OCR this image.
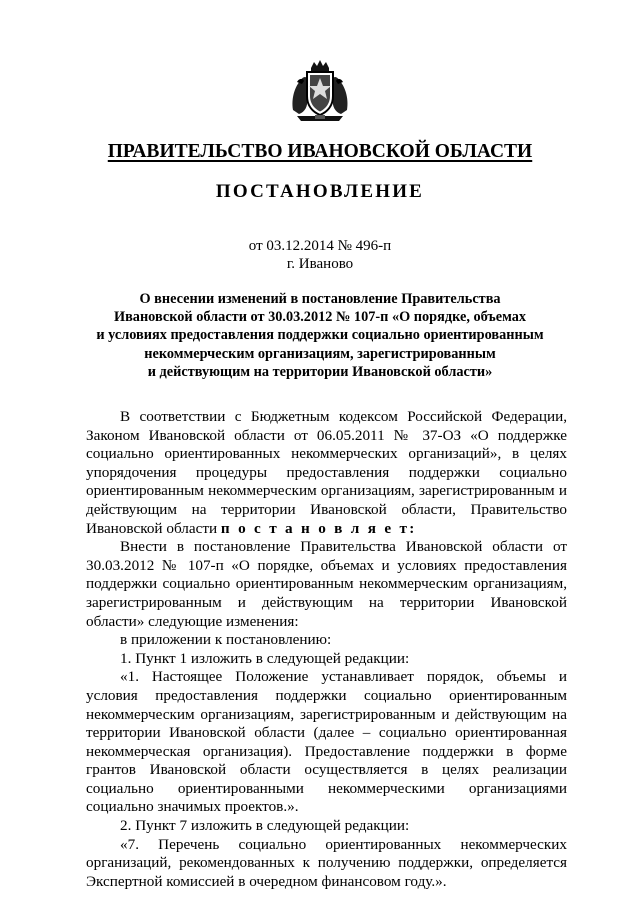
ПРАВИТЕЛЬСТВО ИВАНОВСКОЙ ОБЛАСТИ
ПОСТАНОВЛЕНИЕ
от 03.12.2014 № 496-п
г. Иваново
О внесении изменений в постановление Правительства
Ивановской области от 30.03.2012 № 107-п «О порядке, объемах
и условиях предоставления поддержки социально ориентированным
некоммерческим организациям, зарегистрированным
и действующим на территории Ивановской области»

В соответствии с Бюджетным кодексом Российской Федерации, Законом Ивановской области от 06.05.2011 № 37-ОЗ «О поддержке социально ориентированных некоммерческих организаций», в целях упорядочения процедуры предоставления поддержки социально ориентированным некоммерческим организациям, зарегистрированным и действующим на территории Ивановской области, Правительство Ивановской области п о с т а н о в л я е т:

Внести в постановление Правительства Ивановской области от 30.03.2012 № 107-п «О порядке, объемах и условиях предоставления поддержки социально ориентированным некоммерческим организациям, зарегистрированным и действующим на территории Ивановской области» следующие изменения:

в приложении к постановлению:

1. Пункт 1 изложить в следующей редакции:

«1. Настоящее Положение устанавливает порядок, объемы и условия предоставления поддержки социально ориентированным некоммерческим организациям, зарегистрированным и действующим на территории Ивановской области (далее – социально ориентированная некоммерческая организация). Предоставление поддержки в форме грантов Ивановской области осуществляется в целях реализации социально ориентированными некоммерческими организациями социально значимых проектов.».

2. Пункт 7 изложить в следующей редакции:

«7. Перечень социально ориентированных некоммерческих организаций, рекомендованных к получению поддержки, определяется Экспертной комиссией в очередном финансовом году.».
